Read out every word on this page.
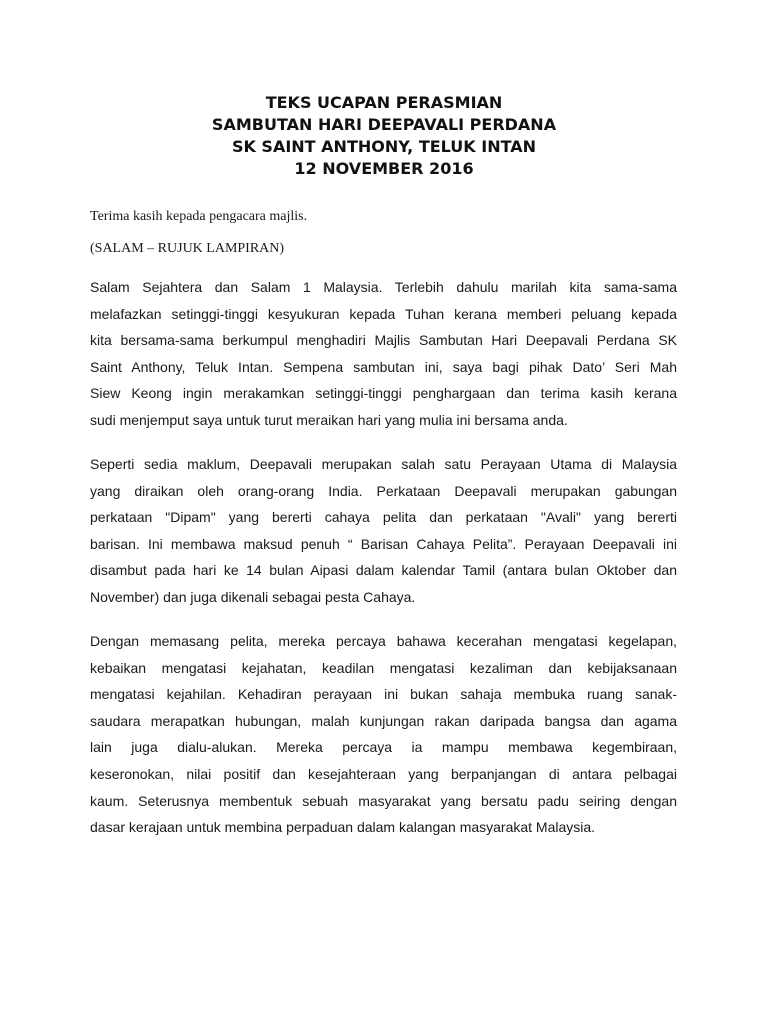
TEKS UCAPAN PERASMIAN
SAMBUTAN HARI DEEPAVALI PERDANA
SK SAINT ANTHONY, TELUK INTAN
12 NOVEMBER 2016
Terima kasih kepada pengacara majlis.
(SALAM – RUJUK LAMPIRAN)
Salam Sejahtera dan Salam 1 Malaysia. Terlebih dahulu marilah kita sama-sama
melafazkan setinggi-tinggi kesyukuran kepada Tuhan kerana memberi peluang kepada
kita bersama-sama berkumpul menghadiri Majlis Sambutan Hari Deepavali Perdana SK
Saint Anthony, Teluk Intan. Sempena sambutan ini, saya bagi pihak Dato’ Seri Mah
Siew Keong ingin merakamkan setinggi-tinggi penghargaan dan terima kasih kerana
sudi menjemput saya untuk turut meraikan hari yang mulia ini bersama anda.
Seperti sedia maklum, Deepavali merupakan salah satu Perayaan Utama di Malaysia
yang diraikan oleh orang-orang India. Perkataan Deepavali merupakan gabungan
perkataan "Dipam" yang bererti cahaya pelita dan perkataan "Avali" yang bererti
barisan. Ini membawa maksud penuh “ Barisan Cahaya Pelita”. Perayaan Deepavali ini
disambut pada hari ke 14 bulan Aipasi dalam kalendar Tamil (antara bulan Oktober dan
November) dan juga dikenali sebagai pesta Cahaya.
Dengan memasang pelita, mereka percaya bahawa kecerahan mengatasi kegelapan,
kebaikan mengatasi kejahatan, keadilan mengatasi kezaliman dan kebijaksanaan
mengatasi kejahilan. Kehadiran perayaan ini bukan sahaja membuka ruang sanak-
saudara merapatkan hubungan, malah kunjungan rakan daripada bangsa dan agama
lain juga dialu-alukan. Mereka percaya ia mampu membawa kegembiraan,
keseronokan, nilai positif dan kesejahteraan yang berpanjangan di antara pelbagai
kaum. Seterusnya membentuk sebuah masyarakat yang bersatu padu seiring dengan
dasar kerajaan untuk membina perpaduan dalam kalangan masyarakat Malaysia.
